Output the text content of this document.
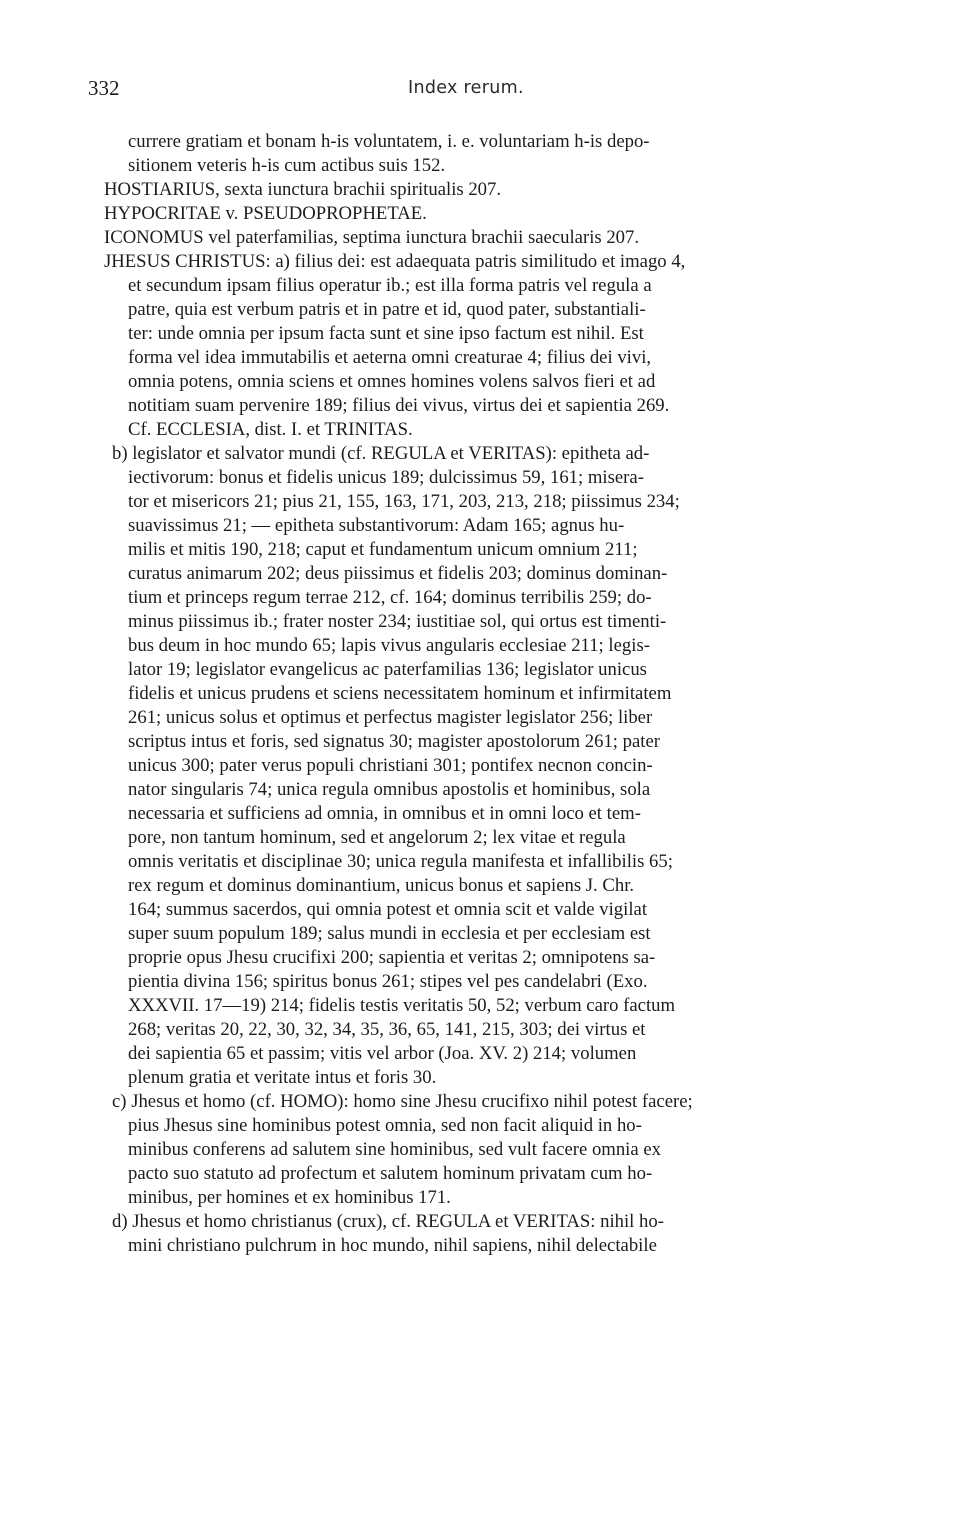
332	Index rerum.
currere gratiam et bonam h-is voluntatem, i. e. voluntariam h-is depo-
sitionem veteris h-is cum actibus suis 152.
HOSTIARIUS, sexta iunctura brachii spiritualis 207.
HYPOCRITAE v. PSEUDOPROPHETAE.
ICONOMUS vel paterfamilias, septima iunctura brachii saecularis 207.
JHESUS CHRISTUS: a) filius dei: est adaequata patris similitudo et imago 4,
et secundum ipsam filius operatur ib.; est illa forma patris vel regula a
patre, quia est verbum patris et in patre et id, quod pater, substantiali-
ter: unde omnia per ipsum facta sunt et sine ipso factum est nihil. Est
forma vel idea immutabilis et aeterna omni creaturae 4; filius dei vivi,
omnia potens, omnia sciens et omnes homines volens salvos fieri et ad
notitiam suam pervenire 189; filius dei vivus, virtus dei et sapientia 269.
Cf. ECCLESIA, dist. I. et TRINITAS.
b) legislator et salvator mundi (cf. REGULA et VERITAS): epitheta ad-
iectivorum: bonus et fidelis unicus 189; dulcissimus 59, 161; misera-
tor et misericors 21; pius 21, 155, 163, 171, 203, 213, 218; piissimus 234;
suavissimus 21; — epitheta substantivorum: Adam 165; agnus hu-
milis et mitis 190, 218; caput et fundamentum unicum omnium 211;
curatus animarum 202; deus piissimus et fidelis 203; dominus dominan-
tium et princeps regum terrae 212, cf. 164; dominus terribilis 259; do-
minus piissimus ib.; frater noster 234; iustitiae sol, qui ortus est timenti-
bus deum in hoc mundo 65; lapis vivus angularis ecclesiae 211; legis-
lator 19; legislator evangelicus ac paterfamilias 136; legislator unicus
fidelis et unicus prudens et sciens necessitatem hominum et infirmitatem
261; unicus solus et optimus et perfectus magister legislator 256; liber
scriptus intus et foris, sed signatus 30; magister apostolorum 261; pater
unicus 300; pater verus populi christiani 301; pontifex necnon concin-
nator singularis 74; unica regula omnibus apostolis et hominibus, sola
necessaria et sufficiens ad omnia, in omnibus et in omni loco et tem-
pore, non tantum hominum, sed et angelorum 2; lex vitae et regula
omnis veritatis et disciplinae 30; unica regula manifesta et infallibilis 65;
rex regum et dominus dominantium, unicus bonus et sapiens J. Chr.
164; summus sacerdos, qui omnia potest et omnia scit et valde vigilat
super suum populum 189; salus mundi in ecclesia et per ecclesiam est
proprie opus Jhesu crucifixi 200; sapientia et veritas 2; omnipotens sa-
pientia divina 156; spiritus bonus 261; stipes vel pes candelabri (Exo.
XXXVII. 17—19) 214; fidelis testis veritatis 50, 52; verbum caro factum
268; veritas 20, 22, 30, 32, 34, 35, 36, 65, 141, 215, 303; dei virtus et
dei sapientia 65 et passim; vitis vel arbor (Joa. XV. 2) 214; volumen
plenum gratia et veritate intus et foris 30.
c) Jhesus et homo (cf. HOMO): homo sine Jhesu crucifixo nihil potest facere;
pius Jhesus sine hominibus potest omnia, sed non facit aliquid in ho-
minibus conferens ad salutem sine hominibus, sed vult facere omnia ex
pacto suo statuto ad profectum et salutem hominum privatam cum ho-
minibus, per homines et ex hominibus 171.
d) Jhesus et homo christianus (crux), cf. REGULA et VERITAS: nihil ho-
mini christiano pulchrum in hoc mundo, nihil sapiens, nihil delectabile
